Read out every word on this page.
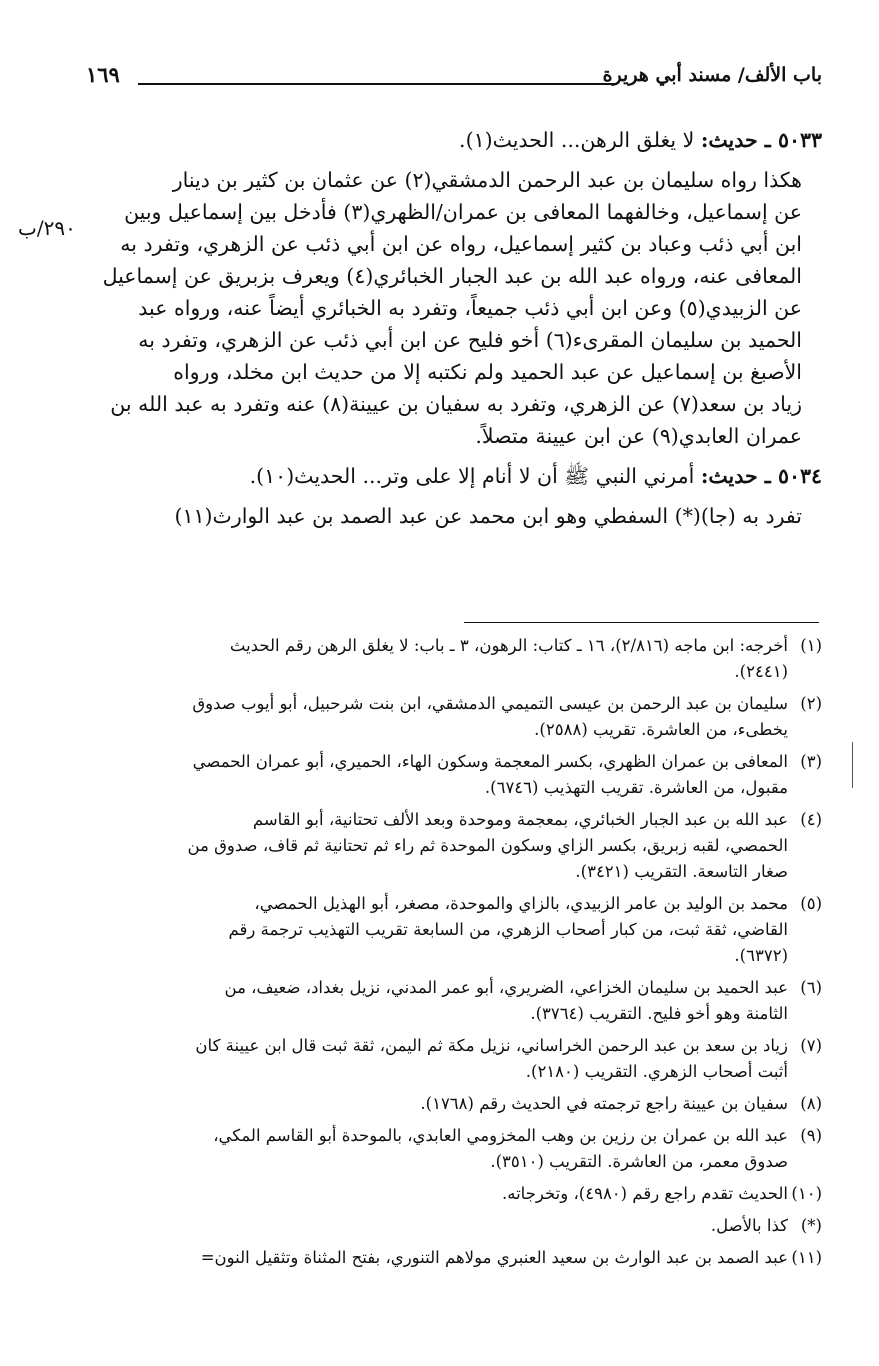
باب الألف/ مسند أبي هريرة
١٦٩
٢٩٠/ب
٥٠٣٣ ـ حديث: لا يغلق الرهن... الحديث(١).
هكذا رواه سليمان بن عبد الرحمن الدمشقي(٢) عن عثمان بن كثير بن دينار
عن إسماعيل، وخالفهما المعافى بن عمران/الظهري(٣) فأدخل بين إسماعيل وبين
ابن أبي ذئب وعباد بن كثير إسماعيل، رواه عن ابن أبي ذئب عن الزهري، وتفرد به
المعافى عنه، ورواه عبد الله بن عبد الجبار الخبائري(٤) ويعرف بزبريق عن إسماعيل
عن الزبيدي(٥) وعن ابن أبي ذئب جميعاً، وتفرد به الخبائري أيضاً عنه، ورواه عبد
الحميد بن سليمان المقرىء(٦) أخو فليح عن ابن أبي ذئب عن الزهري، وتفرد به
الأصبغ بن إسماعيل عن عبد الحميد ولم نكتبه إلا من حديث ابن مخلد، ورواه
زياد بن سعد(٧) عن الزهري، وتفرد به سفيان بن عيينة(٨) عنه وتفرد به عبد الله بن
عمران العابدي(٩) عن ابن عيينة متصلاً.
٥٠٣٤ ـ حديث: أمرني النبي ﷺ أن لا أنام إلا على وتر... الحديث(١٠).
تفرد به (جا)(*) السفطي وهو ابن محمد عن عبد الصمد بن عبد الوارث(١١)
(١)
أخرجه: ابن ماجه (٢/٨١٦)، ١٦ ـ كتاب: الرهون، ٣ ـ باب: لا يغلق الرهن رقم الحديث
(٢٤٤١).
(٢)
سليمان بن عبد الرحمن بن عيسى التميمي الدمشقي، ابن بنت شرحبيل، أبو أيوب صدوق
يخطىء، من العاشرة. تقريب (٢٥٨٨).
(٣)
المعافى بن عمران الظهري، بكسر المعجمة وسكون الهاء، الحميري، أبو عمران الحمصي
مقبول، من العاشرة. تقريب التهذيب (٦٧٤٦).
(٤)
عبد الله بن عبد الجبار الخبائري، بمعجمة وموحدة وبعد الألف تحتانية، أبو القاسم
الحمصي، لقبه زبريق، بكسر الزاي وسكون الموحدة ثم راء ثم تحتانية ثم قاف، صدوق من
صغار التاسعة. التقريب (٣٤٢١).
(٥)
محمد بن الوليد بن عامر الزبيدي، بالزاي والموحدة، مصغر، أبو الهذيل الحمصي،
القاضي، ثقة ثبت، من كبار أصحاب الزهري، من السابعة تقريب التهذيب ترجمة رقم
(٦٣٧٢).
(٦)
عبد الحميد بن سليمان الخزاعي، الضريري، أبو عمر المدني، نزيل بغداد، ضعيف، من
الثامنة وهو أخو فليح. التقريب (٣٧٦٤).
(٧)
زياد بن سعد بن عبد الرحمن الخراساني، نزيل مكة ثم اليمن، ثقة ثبت قال ابن عيينة كان
أثبت أصحاب الزهري. التقريب (٢١٨٠).
(٨)
سفيان بن عيينة راجع ترجمته في الحديث رقم (١٧٦٨).
(٩)
عبد الله بن عمران بن رزين بن وهب المخزومي العابدي، بالموحدة أبو القاسم المكي،
صدوق معمر، من العاشرة. التقريب (٣٥١٠).
(١٠)
الحديث تقدم راجع رقم (٤٩٨٠)، وتخرجاته.
(*)
كذا بالأصل.
(١١)
عبد الصمد بن عبد الوارث بن سعيد العنبري مولاهم التنوري، بفتح المثناة وتثقيل النون=
